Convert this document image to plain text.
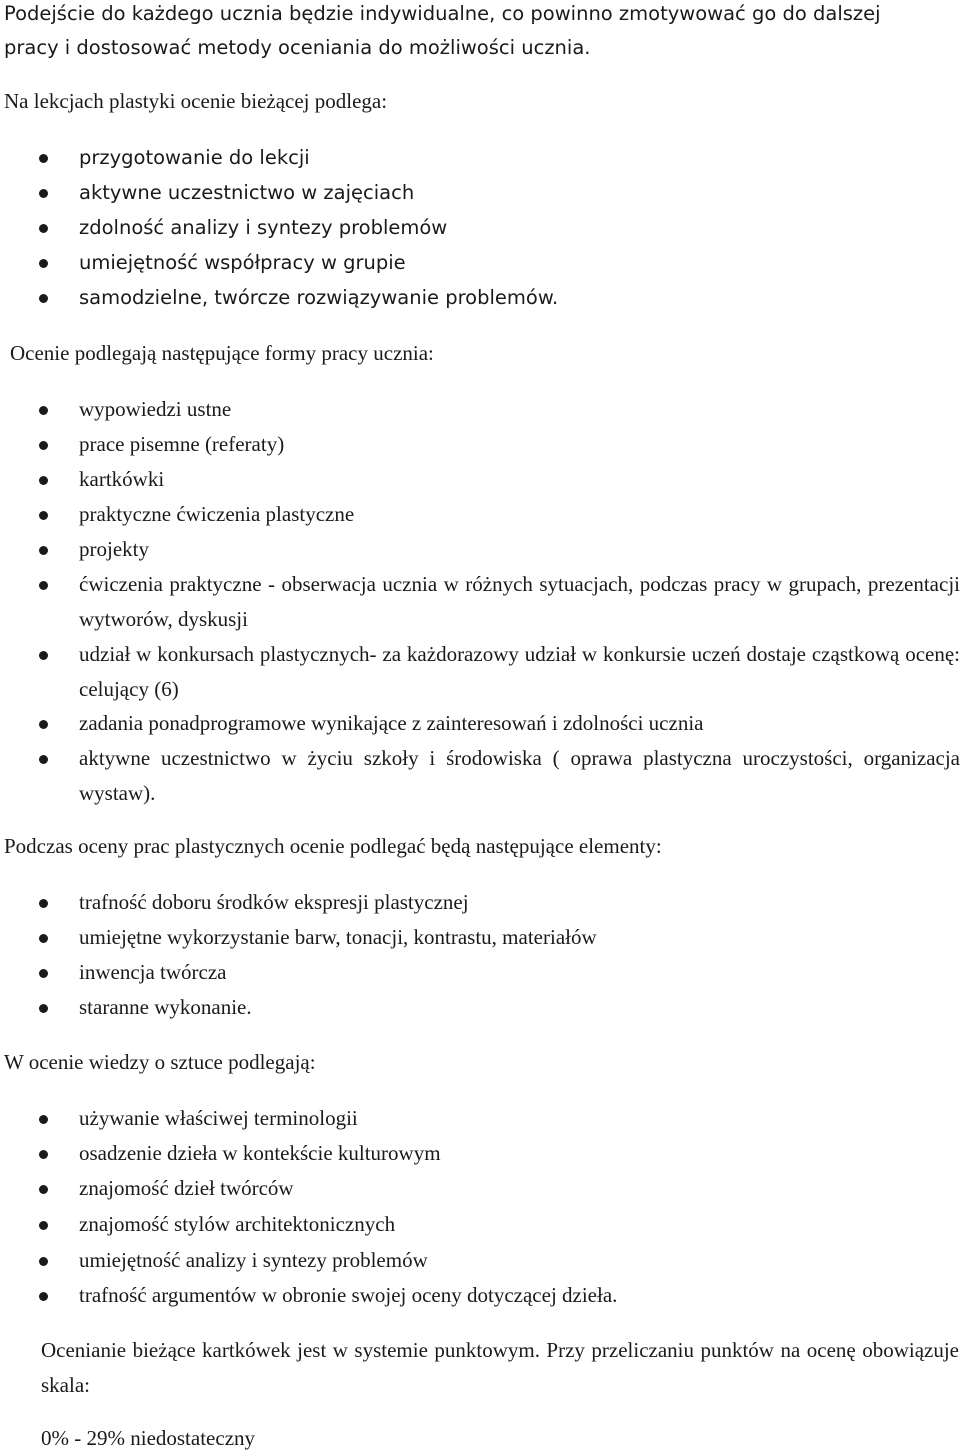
Podejście do każdego ucznia będzie indywidualne, co powinno zmotywować go do dalszej
pracy i dostosować metody oceniania do możliwości ucznia.
Na lekcjach plastyki ocenie bieżącej podlega:
przygotowanie do lekcji
aktywne uczestnictwo w zajęciach
zdolność analizy i syntezy problemów
umiejętność współpracy w grupie
samodzielne, twórcze rozwiązywanie problemów.
Ocenie podlegają następujące formy pracy ucznia:
wypowiedzi ustne
prace pisemne (referaty)
kartkówki
praktyczne ćwiczenia plastyczne
projekty
ćwiczenia praktyczne - obserwacja ucznia w różnych sytuacjach, podczas pracy w grupach, prezentacji wytworów, dyskusji
udział w konkursach plastycznych- za każdorazowy udział w konkursie uczeń dostaje cząstkową ocenę: celujący (6)
zadania ponadprogramowe wynikające z zainteresowań i zdolności ucznia
aktywne uczestnictwo w życiu szkoły i środowiska ( oprawa plastyczna uroczystości, organizacja wystaw).
Podczas oceny prac plastycznych ocenie podlegać będą następujące elementy:
trafność doboru środków ekspresji plastycznej
umiejętne wykorzystanie barw, tonacji, kontrastu, materiałów
inwencja twórcza
staranne wykonanie.
W ocenie wiedzy o sztuce podlegają:
używanie właściwej terminologii
osadzenie dzieła w kontekście kulturowym
znajomość dzieł twórców
znajomość stylów architektonicznych
umiejętność analizy i syntezy problemów
trafność argumentów w obronie swojej oceny dotyczącej dzieła.
Ocenianie bieżące kartkówek jest w systemie punktowym. Przy przeliczaniu punktów na ocenę obowiązuje skala:
0% - 29% niedostateczny
